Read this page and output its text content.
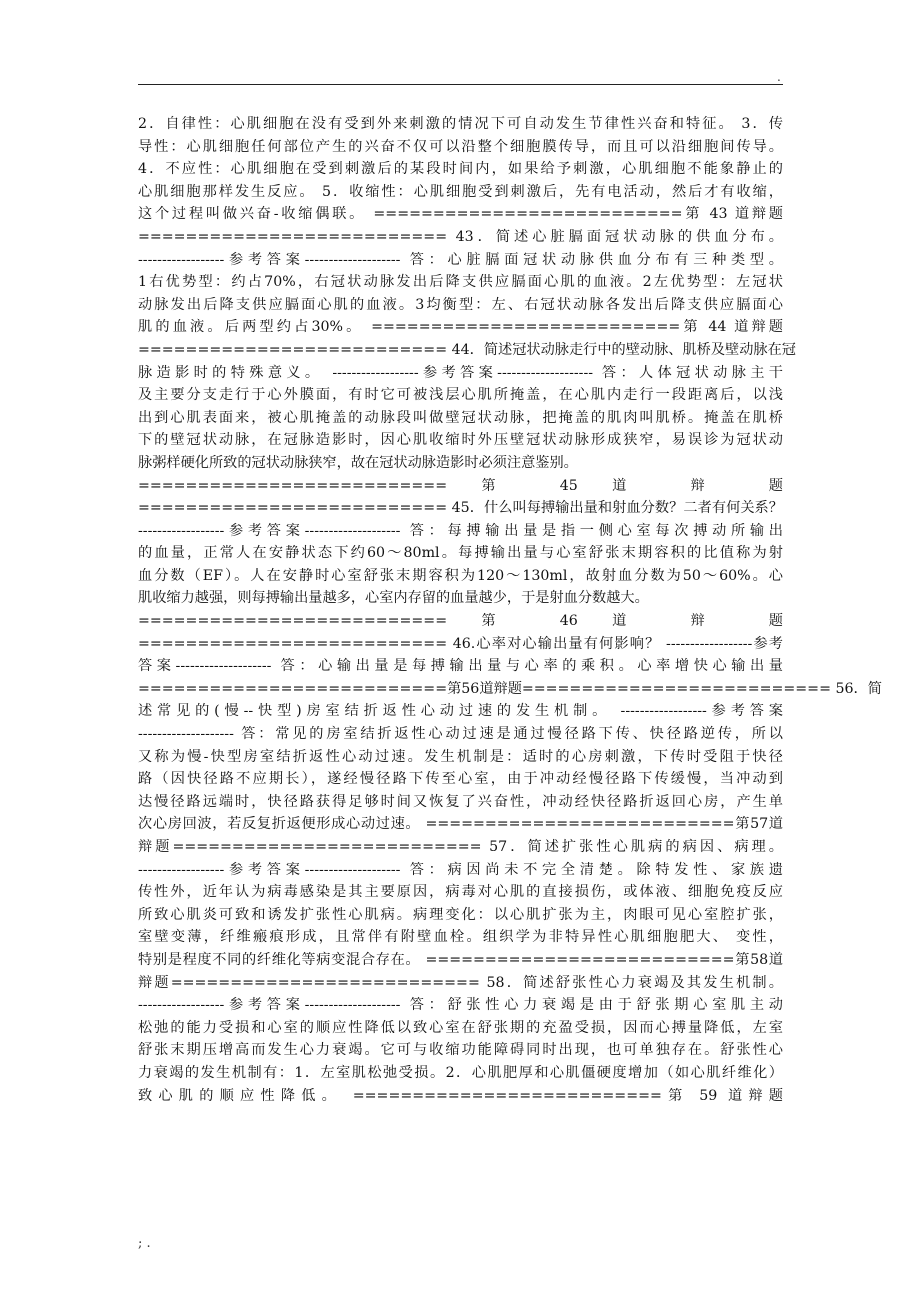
.
2．自律性：心肌细胞在没有受到外来刺激的情况下可自动发生节律性兴奋和特征。 3．传
导性：心肌细胞任何部位产生的兴奋不仅可以沿整个细胞膜传导，而且可以沿细胞间传导。
4．不应性：心肌细胞在受到刺激后的某段时间内，如果给予刺激，心肌细胞不能象静止的
心肌细胞那样发生反应。 5．收缩性：心肌细胞受到刺激后，先有电活动，然后才有收缩，
这个过程叫做兴奋-收缩偶联。 ==========================第 43 道辩题
========================== 43．简述心脏膈面冠状动脉的供血分布。
------------------参考答案-------------------- 答：心脏膈面冠状动脉供血分布有三种类型。
1右优势型：约占70%，右冠状动脉发出后降支供应膈面心肌的血液。2左优势型：左冠状
动脉发出后降支供应膈面心肌的血液。3均衡型：左、右冠状动脉各发出后降支供应膈面心
肌的血液。后两型约占30%。 ==========================第 44 道辩题
========================== 44．简述冠状动脉走行中的壁动脉、肌桥及壁动脉在冠
脉造影时的特殊意义。 ------------------参考答案-------------------- 答：人体冠状动脉主干
及主要分支走行于心外膜面，有时它可被浅层心肌所掩盖，在心肌内走行一段距离后，以浅
出到心肌表面来，被心肌掩盖的动脉段叫做壁冠状动脉，把掩盖的肌肉叫肌桥。掩盖在肌桥
下的壁冠状动脉，在冠脉造影时，因心肌收缩时外压壁冠状动脉形成狭窄，易误诊为冠状动
脉粥样硬化所致的冠状动脉狭窄，故在冠状动脉造影时必须注意鉴别。
========================== 第 45 道 辩 题
========================== 45．什么叫每搏输出量和射血分数？二者有何关系？
------------------参考答案-------------------- 答：每搏输出量是指一侧心室每次搏动所输出
的血量，正常人在安静状态下约60～80ml。每搏输出量与心室舒张末期容积的比值称为射
血分数（EF）。人在安静时心室舒张末期容积为120～130ml，故射血分数为50～60%。心
肌收缩力越强，则每搏输出量越多，心室内存留的血量越少，于是射血分数越大。
========================== 第 46 道 辩 题
========================== 46.心率对心输出量有何影响？ ------------------参考
答案-------------------- 答：心输出量是每搏输出量与心率的乘积。心率增快心输出量
==========================第56道辩题========================== 56．简
述常见的(慢--快型)房室结折返性心动过速的发生机制。 ------------------参考答案
-------------------- 答：常见的房室结折返性心动过速是通过慢径路下传、快径路逆传，所以
又称为慢-快型房室结折返性心动过速。发生机制是：适时的心房刺激，下传时受阻于快径
路（因快径路不应期长），遂经慢径路下传至心室，由于冲动经慢径路下传缓慢，当冲动到
达慢径路远端时，快径路获得足够时间又恢复了兴奋性，冲动经快径路折返回心房，产生单
次心房回波，若反复折返便形成心动过速。 ==========================第57道
辩题========================== 57．简述扩张性心肌病的病因、病理。
------------------参考答案-------------------- 答：病因尚未不完全清楚。除特发性、家族遗
传性外，近年认为病毒感染是其主要原因，病毒对心肌的直接损伤，或体液、细胞免疫反应
所致心肌炎可致和诱发扩张性心肌病。病理变化：以心肌扩张为主，肉眼可见心室腔扩张，
室壁变薄，纤维瘢痕形成，且常伴有附壁血栓。组织学为非特异性心肌细胞肥大、 变性，
特别是程度不同的纤维化等病变混合存在。 ==========================第58道
辩题========================== 58．简述舒张性心力衰竭及其发生机制。
------------------参考答案-------------------- 答：舒张性心力衰竭是由于舒张期心室肌主动
松弛的能力受损和心室的顺应性降低以致心室在舒张期的充盈受损，因而心搏量降低，左室
舒张末期压增高而发生心力衰竭。它可与收缩功能障碍同时出现，也可单独存在。舒张性心
力衰竭的发生机制有：1．左室肌松弛受损。2．心肌肥厚和心肌僵硬度增加（如心肌纤维化）
致心肌的顺应性降低。 ==========================第 59 道辩题
; .
